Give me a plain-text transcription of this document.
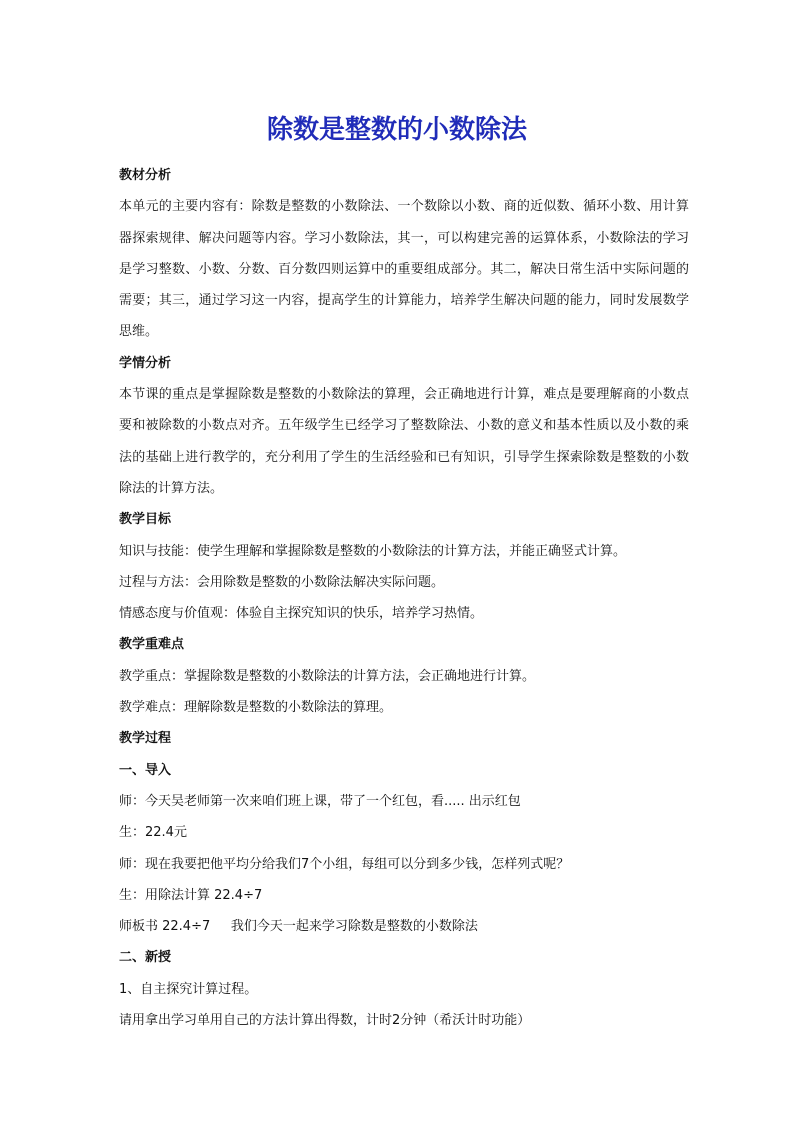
除数是整数的小数除法
教材分析
本单元的主要内容有：除数是整数的小数除法、一个数除以小数、商的近似数、循环小数、用计算器探索规律、解决问题等内容。学习小数除法，其一，可以构建完善的运算体系，小数除法的学习是学习整数、小数、分数、百分数四则运算中的重要组成部分。其二，解决日常生活中实际问题的需要；其三，通过学习这一内容，提高学生的计算能力，培养学生解决问题的能力，同时发展数学思维。
学情分析
本节课的重点是掌握除数是整数的小数除法的算理，会正确地进行计算，难点是要理解商的小数点要和被除数的小数点对齐。五年级学生已经学习了整数除法、小数的意义和基本性质以及小数的乘法的基础上进行教学的，充分利用了学生的生活经验和已有知识，引导学生探索除数是整数的小数除法的计算方法。
教学目标
知识与技能：使学生理解和掌握除数是整数的小数除法的计算方法，并能正确竖式计算。
过程与方法：会用除数是整数的小数除法解决实际问题。
情感态度与价值观：体验自主探究知识的快乐，培养学习热情。
教学重难点
教学重点：掌握除数是整数的小数除法的计算方法，会正确地进行计算。
教学难点：理解除数是整数的小数除法的算理。
教学过程
一、导入
师：今天吴老师第一次来咱们班上课，带了一个红包，看..... 出示红包
生：22.4元
师：现在我要把他平均分给我们7个小组，每组可以分到多少钱，怎样列式呢？
生：用除法计算 22.4÷7
师板书 22.4÷7     我们今天一起来学习除数是整数的小数除法
二、新授
1、自主探究计算过程。
请用拿出学习单用自己的方法计算出得数，计时2分钟（希沃计时功能）
